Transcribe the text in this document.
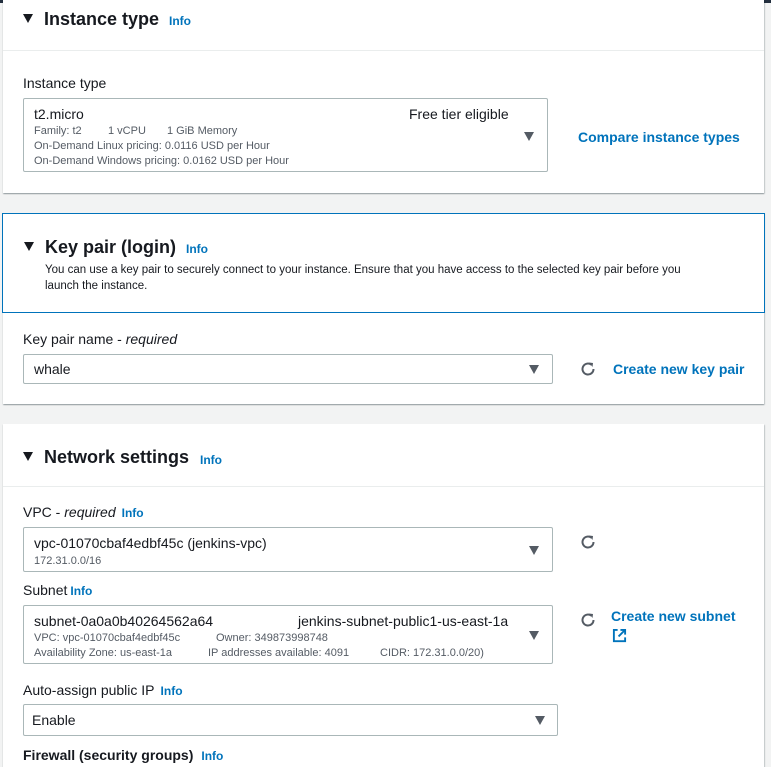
Instance type Info
Instance type
t2.micro	Free tier eligible
Family: t2 1 vCPU 1 GiB Memory
On-Demand Linux pricing: 0.0116 USD per Hour
On-Demand Windows pricing: 0.0162 USD per Hour
Compare instance types
Key pair (login) Info
You can use a key pair to securely connect to your instance. Ensure that you have access to the selected key pair before you
launch the instance.
Key pair name - required
whale	Create new key pair
Network settings Info
VPC - required Info
vpc-01070cbaf4edbf45c (jenkins-vpc)
172.31.0.0/16
Subnet Info
subnet-0a0a0b40264562a64	jenkins-subnet-public1-us-east-1a
VPC: vpc-01070cbaf4edbf45c	Owner: 349873998748
Availability Zone: us-east-1a	IP addresses available: 4091	CIDR: 172.31.0.0/20)
Create new subnet
Auto-assign public IP Info
Enable
Firewall (security groups) Info
